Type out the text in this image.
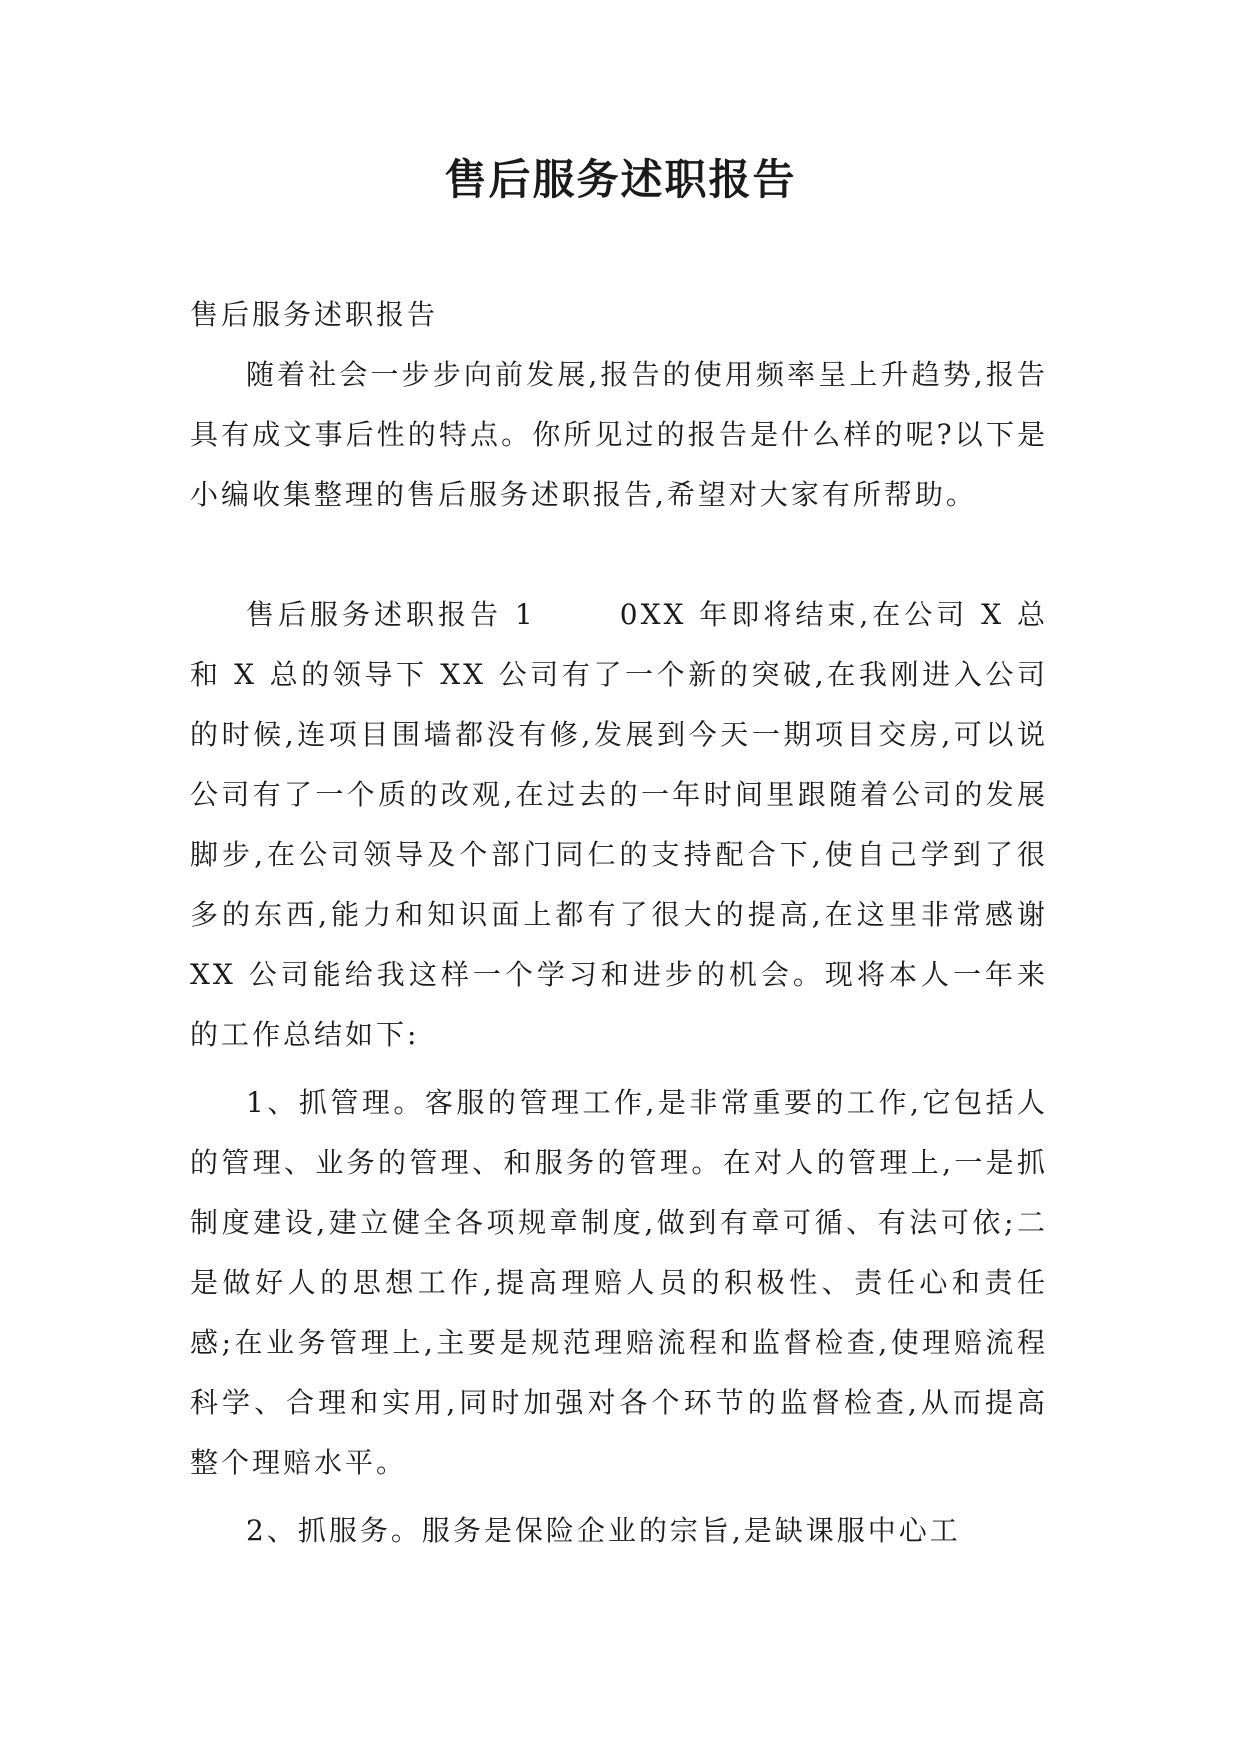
售后服务述职报告

售后服务述职报告

随着社会一步步向前发展,报告的使用频率呈上升趋势,报告具有成文事后性的特点。你所见过的报告是什么样的呢?以下是小编收集整理的售后服务述职报告,希望对大家有所帮助。

售后服务述职报告 1	0XX 年即将结束,在公司 X 总和 X 总的领导下 XX 公司有了一个新的突破,在我刚进入公司的时候,连项目围墙都没有修,发展到今天一期项目交房,可以说公司有了一个质的改观,在过去的一年时间里跟随着公司的发展脚步,在公司领导及个部门同仁的支持配合下,使自己学到了很多的东西,能力和知识面上都有了很大的提高,在这里非常感谢 XX 公司能给我这样一个学习和进步的机会。现将本人一年来的工作总结如下:

1、抓管理。客服的管理工作,是非常重要的工作,它包括人的管理、业务的管理、和服务的管理。在对人的管理上,一是抓制度建设,建立健全各项规章制度,做到有章可循、有法可依;二是做好人的思想工作,提高理赔人员的积极性、责任心和责任感;在业务管理上,主要是规范理赔流程和监督检查,使理赔流程科学、合理和实用,同时加强对各个环节的监督检查,从而提高整个理赔水平。

2、抓服务。服务是保险企业的宗旨,是缺课服中心工
